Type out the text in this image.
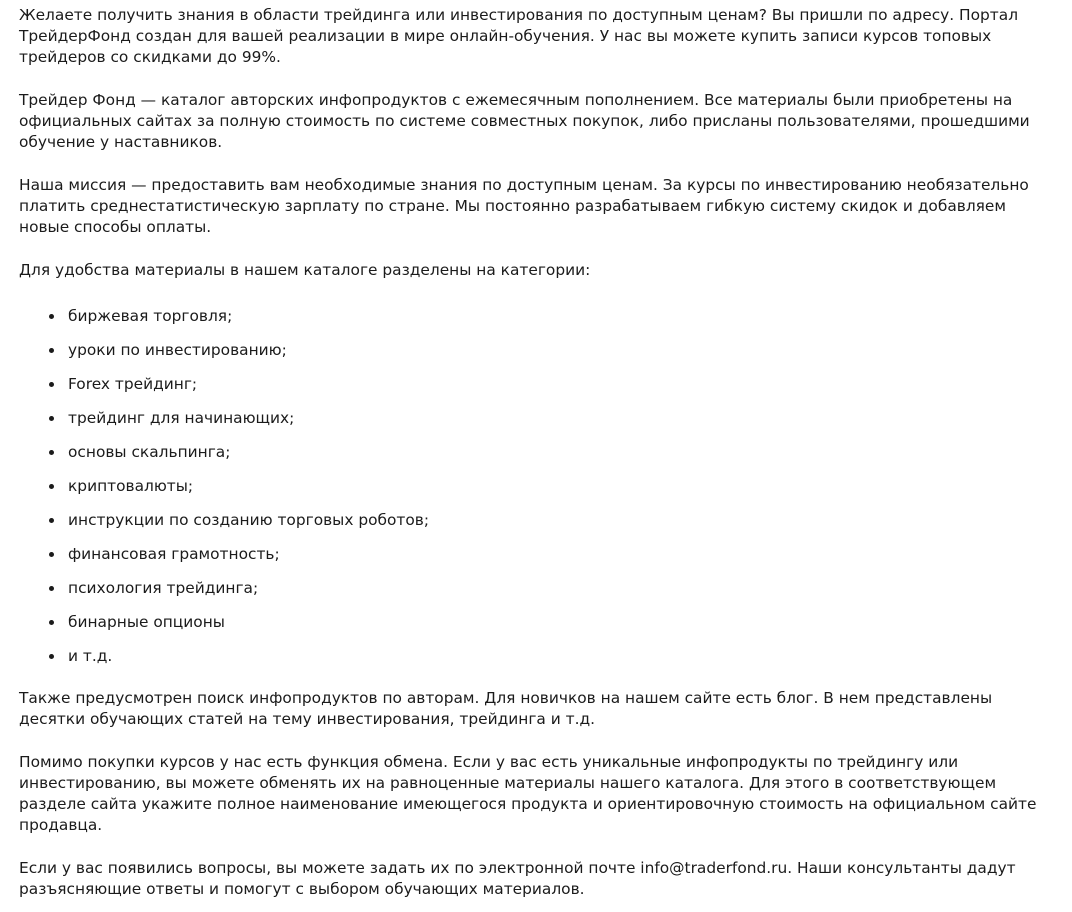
Желаете получить знания в области трейдинга или инвестирования по доступным ценам? Вы пришли по адресу. Портал ТрейдерФонд создан для вашей реализации в мире онлайн-обучения. У нас вы можете купить записи курсов топовых трейдеров со скидками до 99%.

Трейдер Фонд — каталог авторских инфопродуктов с ежемесячным пополнением. Все материалы были приобретены на официальных сайтах за полную стоимость по системе совместных покупок, либо присланы пользователями, прошедшими обучение у наставников.

Наша миссия — предоставить вам необходимые знания по доступным ценам. За курсы по инвестированию необязательно платить среднестатистическую зарплату по стране. Мы постоянно разрабатываем гибкую систему скидок и добавляем новые способы оплаты.

Для удобства материалы в нашем каталоге разделены на категории:

биржевая торговля;
уроки по инвестированию;
Forex трейдинг;
трейдинг для начинающих;
основы скальпинга;
криптовалюты;
инструкции по созданию торговых роботов;
финансовая грамотность;
психология трейдинга;
бинарные опционы
и т.д.

Также предусмотрен поиск инфопродуктов по авторам. Для новичков на нашем сайте есть блог. В нем представлены десятки обучающих статей на тему инвестирования, трейдинга и т.д.

Помимо покупки курсов у нас есть функция обмена. Если у вас есть уникальные инфопродукты по трейдингу или инвестированию, вы можете обменять их на равноценные материалы нашего каталога. Для этого в соответствующем разделе сайта укажите полное наименование имеющегося продукта и ориентировочную стоимость на официальном сайте продавца.

Если у вас появились вопросы, вы можете задать их по электронной почте info@traderfond.ru. Наши консультанты дадут разъясняющие ответы и помогут с выбором обучающих материалов.
